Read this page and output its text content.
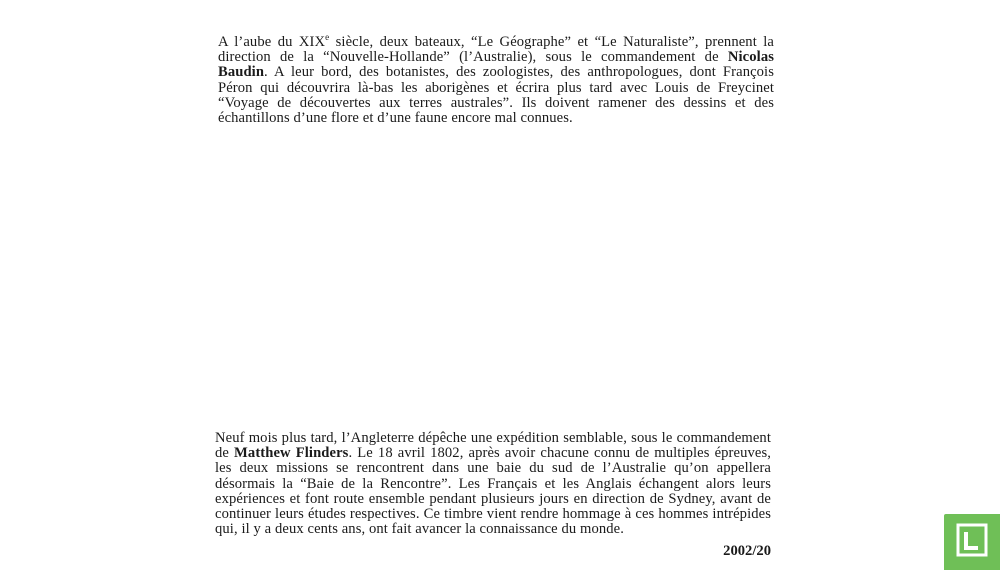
A l’aube du XIXe siècle, deux bateaux, “Le Géographe” et “Le Naturaliste”, prennent la direction de la “Nouvelle-Hollande” (l’Australie), sous le commandement de Nicolas Baudin. A leur bord, des botanistes, des zoologistes, des anthropologues, dont François Péron qui découvrira là-bas les aborigènes et écrira plus tard avec Louis de Freycinet “Voyage de découvertes aux terres australes”. Ils doivent ramener des dessins et des échantillons d’une flore et d’une faune encore mal connues.
Neuf mois plus tard, l’Angleterre dépêche une expédition semblable, sous le commandement de Matthew Flinders. Le 18 avril 1802, après avoir chacune connu de multiples épreuves, les deux missions se rencontrent dans une baie du sud de l’Australie qu’on appellera désormais la “Baie de la Rencontre”. Les Français et les Anglais échangent alors leurs expériences et font route ensemble pendant plusieurs jours en direction de Sydney, avant de continuer leurs études respectives. Ce timbre vient rendre hommage à ces hommes intrépides qui, il y a deux cents ans, ont fait avancer la connaissance du monde.
2002/20
